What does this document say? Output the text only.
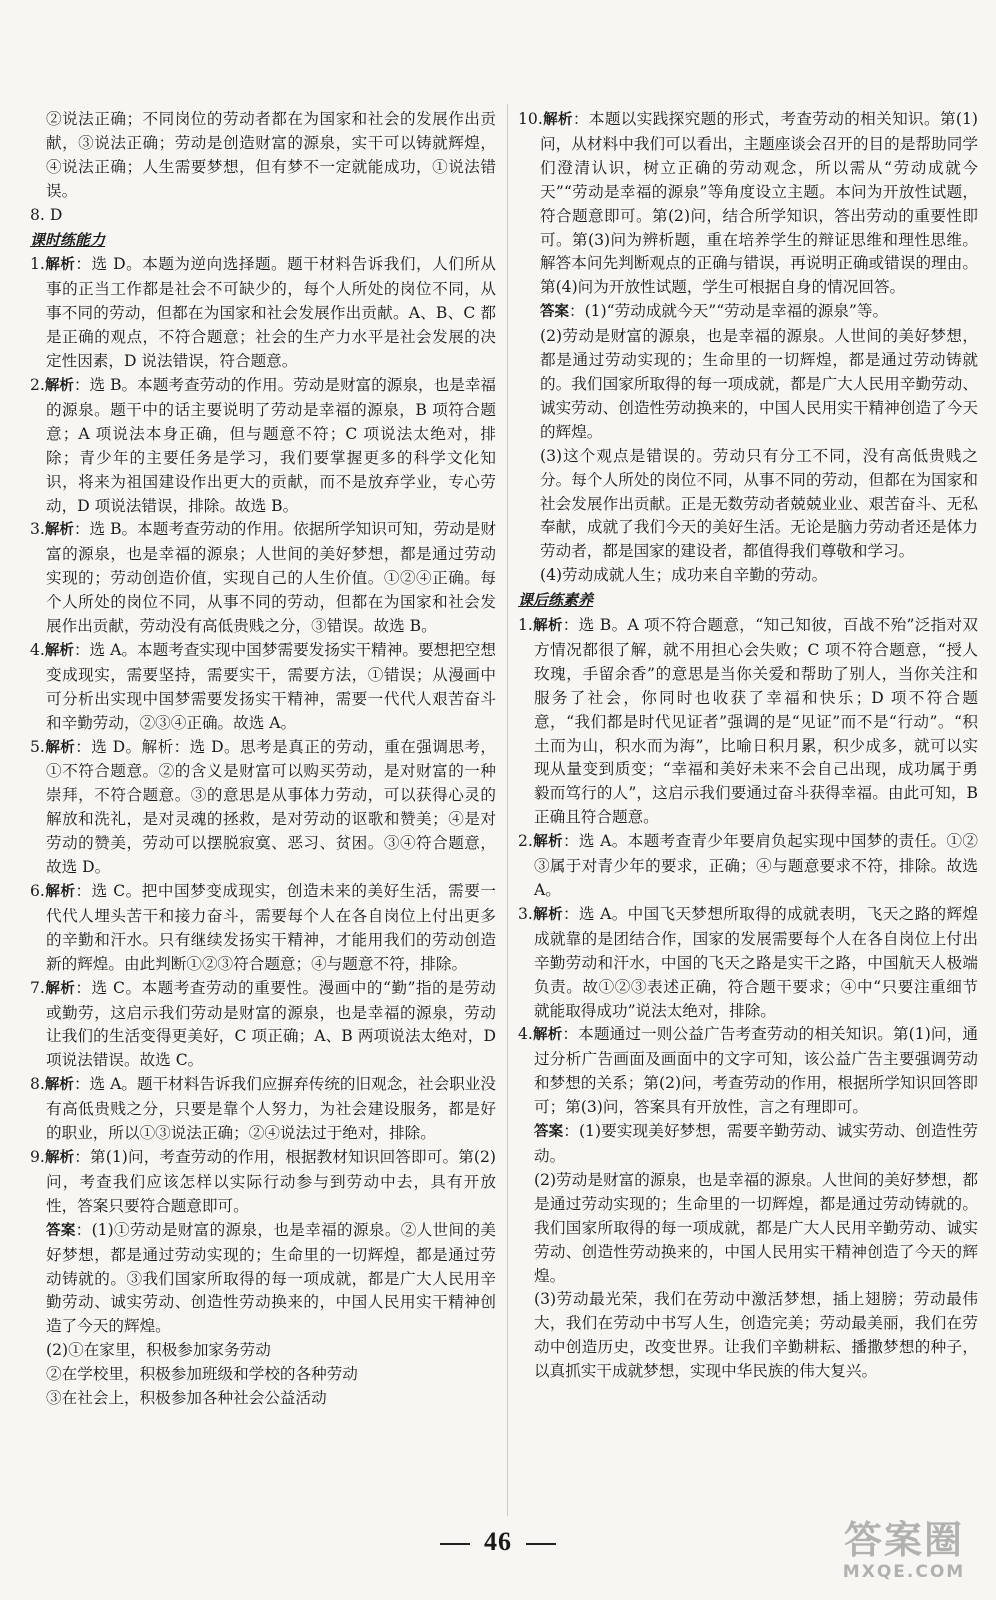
②说法正确；不同岗位的劳动者都在为国家和社会的发展作出贡献，③说法正确；劳动是创造财富的源泉，实干可以铸就辉煌，④说法正确；人生需要梦想，但有梦不一定就能成功，①说法错误。

8. D

课时练能力

1.解析：选 D。本题为逆向选择题。题干材料告诉我们，人们所从事的正当工作都是社会不可缺少的，每个人所处的岗位不同，从事不同的劳动，但都在为国家和社会发展作出贡献。A、B、C 都是正确的观点，不符合题意；社会的生产力水平是社会发展的决定性因素，D 说法错误，符合题意。

2.解析：选 B。本题考查劳动的作用。劳动是财富的源泉，也是幸福的源泉。题干中的话主要说明了劳动是幸福的源泉，B 项符合题意；A 项说法本身正确，但与题意不符；C 项说法太绝对，排除；青少年的主要任务是学习，我们要掌握更多的科学文化知识，将来为祖国建设作出更大的贡献，而不是放弃学业，专心劳动，D 项说法错误，排除。故选 B。

3.解析：选 B。本题考查劳动的作用。依据所学知识可知，劳动是财富的源泉，也是幸福的源泉；人世间的美好梦想，都是通过劳动实现的；劳动创造价值，实现自己的人生价值。①②④正确。每个人所处的岗位不同，从事不同的劳动，但都在为国家和社会发展作出贡献，劳动没有高低贵贱之分，③错误。故选 B。

4.解析：选 A。本题考查实现中国梦需要发扬实干精神。要想把空想变成现实，需要坚持，需要实干，需要方法，①错误；从漫画中可分析出实现中国梦需要发扬实干精神，需要一代代人艰苦奋斗和辛勤劳动，②③④正确。故选 A。

5.解析：选 D。解析：选 D。思考是真正的劳动，重在强调思考，①不符合题意。②的含义是财富可以购买劳动，是对财富的一种崇拜，不符合题意。③的意思是从事体力劳动，可以获得心灵的解放和洗礼，是对灵魂的拯救，是对劳动的讴歌和赞美；④是对劳动的赞美，劳动可以摆脱寂寞、恶习、贫困。③④符合题意，故选 D。

6.解析：选 C。把中国梦变成现实，创造未来的美好生活，需要一代代人埋头苦干和接力奋斗，需要每个人在各自岗位上付出更多的辛勤和汗水。只有继续发扬实干精神，才能用我们的劳动创造新的辉煌。由此判断①②③符合题意；④与题意不符，排除。

7.解析：选 C。本题考查劳动的重要性。漫画中的“勤”指的是劳动或勤劳，这启示我们劳动是财富的源泉，也是幸福的源泉，劳动让我们的生活变得更美好，C 项正确；A、B 两项说法太绝对，D 项说法错误。故选 C。

8.解析：选 A。题干材料告诉我们应摒弃传统的旧观念，社会职业没有高低贵贱之分，只要是靠个人努力，为社会建设服务，都是好的职业，所以①③说法正确；②④说法过于绝对，排除。

9.解析：第(1)问，考查劳动的作用，根据教材知识回答即可。第(2)问，考查我们应该怎样以实际行动参与到劳动中去，具有开放性，答案只要符合题意即可。

答案：(1)①劳动是财富的源泉，也是幸福的源泉。②人世间的美好梦想，都是通过劳动实现的；生命里的一切辉煌，都是通过劳动铸就的。③我们国家所取得的每一项成就，都是广大人民用辛勤劳动、诚实劳动、创造性劳动换来的，中国人民用实干精神创造了今天的辉煌。

(2)①在家里，积极参加家务劳动

②在学校里，积极参加班级和学校的各种劳动

③在社会上，积极参加各种社会公益活动

10.解析：本题以实践探究题的形式，考查劳动的相关知识。第(1)问，从材料中我们可以看出，主题座谈会召开的目的是帮助同学们澄清认识，树立正确的劳动观念，所以需从“劳动成就今天”“劳动是幸福的源泉”等角度设立主题。本问为开放性试题，符合题意即可。第(2)问，结合所学知识，答出劳动的重要性即可。第(3)问为辨析题，重在培养学生的辩证思维和理性思维。解答本问先判断观点的正确与错误，再说明正确或错误的理由。第(4)问为开放性试题，学生可根据自身的情况回答。

答案：(1)“劳动成就今天”“劳动是幸福的源泉”等。

(2)劳动是财富的源泉，也是幸福的源泉。人世间的美好梦想，都是通过劳动实现的；生命里的一切辉煌，都是通过劳动铸就的。我们国家所取得的每一项成就，都是广大人民用辛勤劳动、诚实劳动、创造性劳动换来的，中国人民用实干精神创造了今天的辉煌。

(3)这个观点是错误的。劳动只有分工不同，没有高低贵贱之分。每个人所处的岗位不同，从事不同的劳动，但都在为国家和社会发展作出贡献。正是无数劳动者兢兢业业、艰苦奋斗、无私奉献，成就了我们今天的美好生活。无论是脑力劳动者还是体力劳动者，都是国家的建设者，都值得我们尊敬和学习。

(4)劳动成就人生；成功来自辛勤的劳动。

课后练素养

1.解析：选 B。A 项不符合题意，“知己知彼，百战不殆”泛指对双方情况都很了解，就不用担心会失败；C 项不符合题意，“授人玫瑰，手留余香”的意思是当你关爱和帮助了别人，当你关注和服务了社会，你同时也收获了幸福和快乐；D 项不符合题意，“我们都是时代见证者”强调的是“见证”而不是“行动”。“积土而为山，积水而为海”，比喻日积月累，积少成多，就可以实现从量变到质变；“幸福和美好未来不会自己出现，成功属于勇毅而笃行的人”，这启示我们要通过奋斗获得幸福。由此可知，B 正确且符合题意。

2.解析：选 A。本题考查青少年要肩负起实现中国梦的责任。①②③属于对青少年的要求，正确；④与题意要求不符，排除。故选 A。

3.解析：选 A。中国飞天梦想所取得的成就表明，飞天之路的辉煌成就靠的是团结合作，国家的发展需要每个人在各自岗位上付出辛勤劳动和汗水，中国的飞天之路是实干之路，中国航天人极端负责。故①②③表述正确，符合题干要求；④中“只要注重细节就能取得成功”说法太绝对，排除。

4.解析：本题通过一则公益广告考查劳动的相关知识。第(1)问，通过分析广告画面及画面中的文字可知，该公益广告主要强调劳动和梦想的关系；第(2)问，考查劳动的作用，根据所学知识回答即可；第(3)问，答案具有开放性，言之有理即可。

答案：(1)要实现美好梦想，需要辛勤劳动、诚实劳动、创造性劳动。

(2)劳动是财富的源泉，也是幸福的源泉。人世间的美好梦想，都是通过劳动实现的；生命里的一切辉煌，都是通过劳动铸就的。我们国家所取得的每一项成就，都是广大人民用辛勤劳动、诚实劳动、创造性劳动换来的，中国人民用实干精神创造了今天的辉煌。

(3)劳动最光荣，我们在劳动中激活梦想，插上翅膀；劳动最伟大，我们在劳动中书写人生，创造完美；劳动最美丽，我们在劳动中创造历史，改变世界。让我们辛勤耕耘、播撒梦想的种子，以真抓实干成就梦想，实现中华民族的伟大复兴。

46	答案圈
MXQE.COM
